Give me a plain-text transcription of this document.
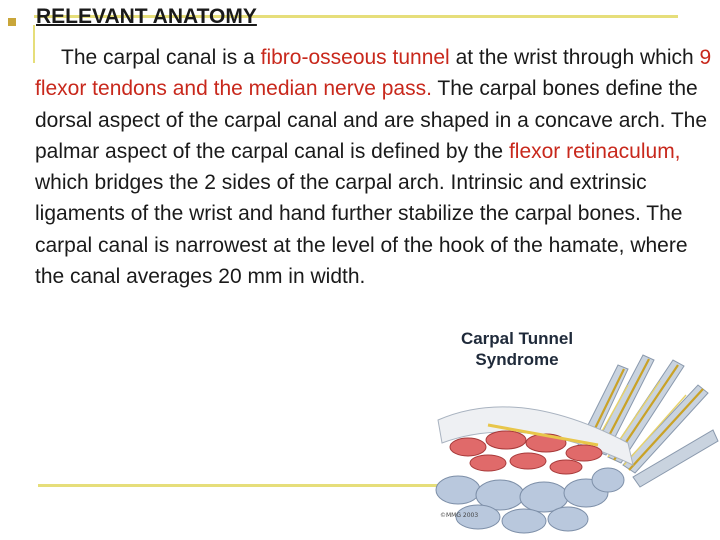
RELEVANT ANATOMY
The carpal canal is a fibro-osseous tunnel at the wrist through which 9 flexor tendons and the median nerve pass. The carpal bones define the dorsal aspect of the carpal canal and are shaped in a concave arch. The palmar aspect of the carpal canal is defined by the flexor retinaculum, which bridges the 2 sides of the carpal arch. Intrinsic and extrinsic ligaments of the wrist and hand further stabilize the carpal bones. The carpal canal is narrowest at the level of the hook of the hamate, where the canal averages 20 mm in width.
Carpal Tunnel
Syndrome
©MMG 2003
